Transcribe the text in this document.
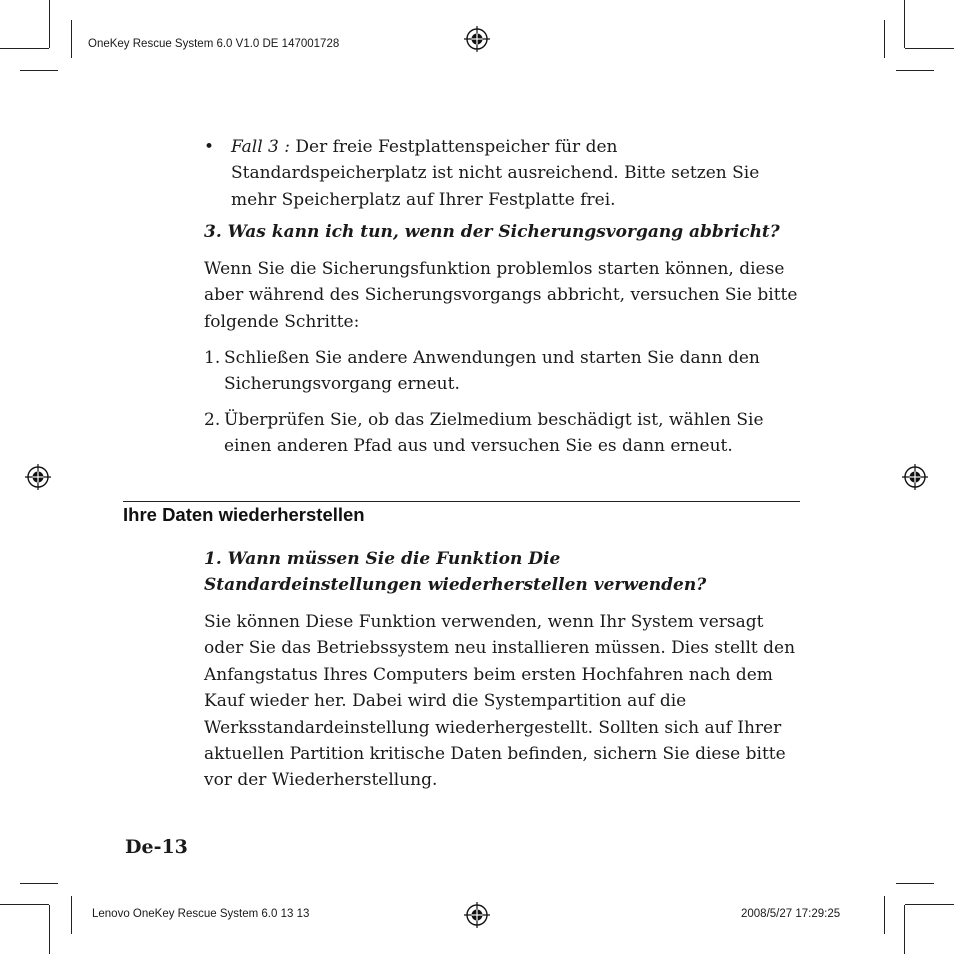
OneKey Rescue System 6.0 V1.0 DE 147001728
Lenovo OneKey Rescue System 6.0 13 13	2008/5/27 17:29:25
• Fall 3 : Der freie Festplattenspeicher für den Standardspeicherplatz ist nicht ausreichend. Bitte setzen Sie mehr Speicherplatz auf Ihrer Festplatte frei.

3. Was kann ich tun, wenn der Sicherungsvorgang abbricht?

Wenn Sie die Sicherungsfunktion problemlos starten können, diese aber während des Sicherungsvorgangs abbricht, versuchen Sie bitte folgende Schritte:

1. Schließen Sie andere Anwendungen und starten Sie dann den Sicherungsvorgang erneut.
2. Überprüfen Sie, ob das Zielmedium beschädigt ist, wählen Sie einen anderen Pfad aus und versuchen Sie es dann erneut.
Ihre Daten wiederherstellen

1. Wann müssen Sie die Funktion Die Standardeinstellungen wiederherstellen verwenden?

Sie können Diese Funktion verwenden, wenn Ihr System versagt oder Sie das Betriebssystem neu installieren müssen. Dies stellt den Anfangstatus Ihres Computers beim ersten Hochfahren nach dem Kauf wieder her. Dabei wird die Systempartition auf die Werksstandardeinstellung wiederhergestellt. Sollten sich auf Ihrer aktuellen Partition kritische Daten befinden, sichern Sie diese bitte vor der Wiederherstellung.

De-13
